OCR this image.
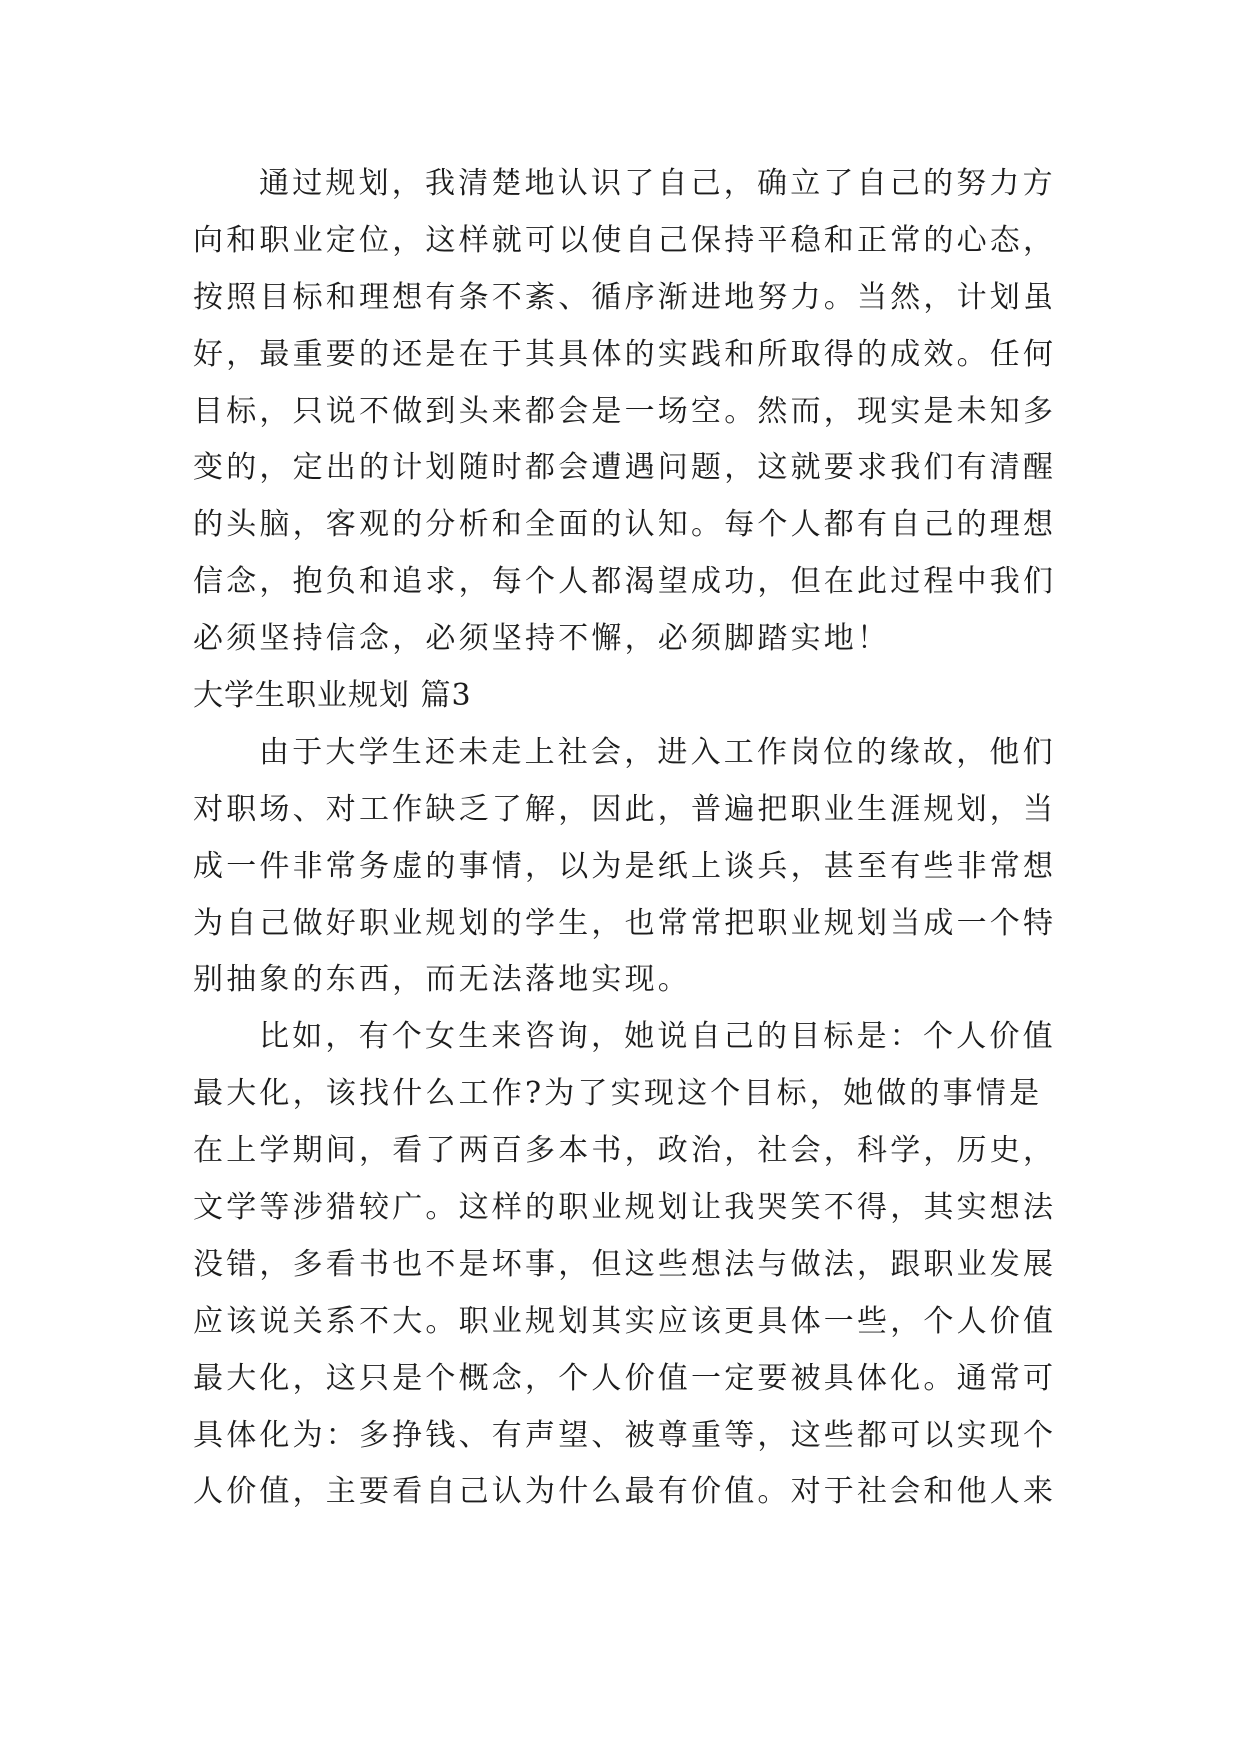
通过规划，我清楚地认识了自己，确立了自己的努力方
向和职业定位，这样就可以使自己保持平稳和正常的心态，
按照目标和理想有条不紊、循序渐进地努力。当然，计划虽
好，最重要的还是在于其具体的实践和所取得的成效。任何
目标，只说不做到头来都会是一场空。然而，现实是未知多
变的，定出的计划随时都会遭遇问题，这就要求我们有清醒
的头脑，客观的分析和全面的认知。每个人都有自己的理想
信念，抱负和追求，每个人都渴望成功，但在此过程中我们
必须坚持信念，必须坚持不懈，必须脚踏实地！
大学生职业规划 篇3
由于大学生还未走上社会，进入工作岗位的缘故，他们
对职场、对工作缺乏了解，因此，普遍把职业生涯规划，当
成一件非常务虚的事情，以为是纸上谈兵，甚至有些非常想
为自己做好职业规划的学生，也常常把职业规划当成一个特
别抽象的东西，而无法落地实现。
比如，有个女生来咨询，她说自己的目标是：个人价值
最大化，该找什么工作?为了实现这个目标，她做的事情是
在上学期间，看了两百多本书，政治，社会，科学，历史，
文学等涉猎较广。这样的职业规划让我哭笑不得，其实想法
没错，多看书也不是坏事，但这些想法与做法，跟职业发展
应该说关系不大。职业规划其实应该更具体一些，个人价值
最大化，这只是个概念，个人价值一定要被具体化。通常可
具体化为：多挣钱、有声望、被尊重等，这些都可以实现个
人价值，主要看自己认为什么最有价值。对于社会和他人来
